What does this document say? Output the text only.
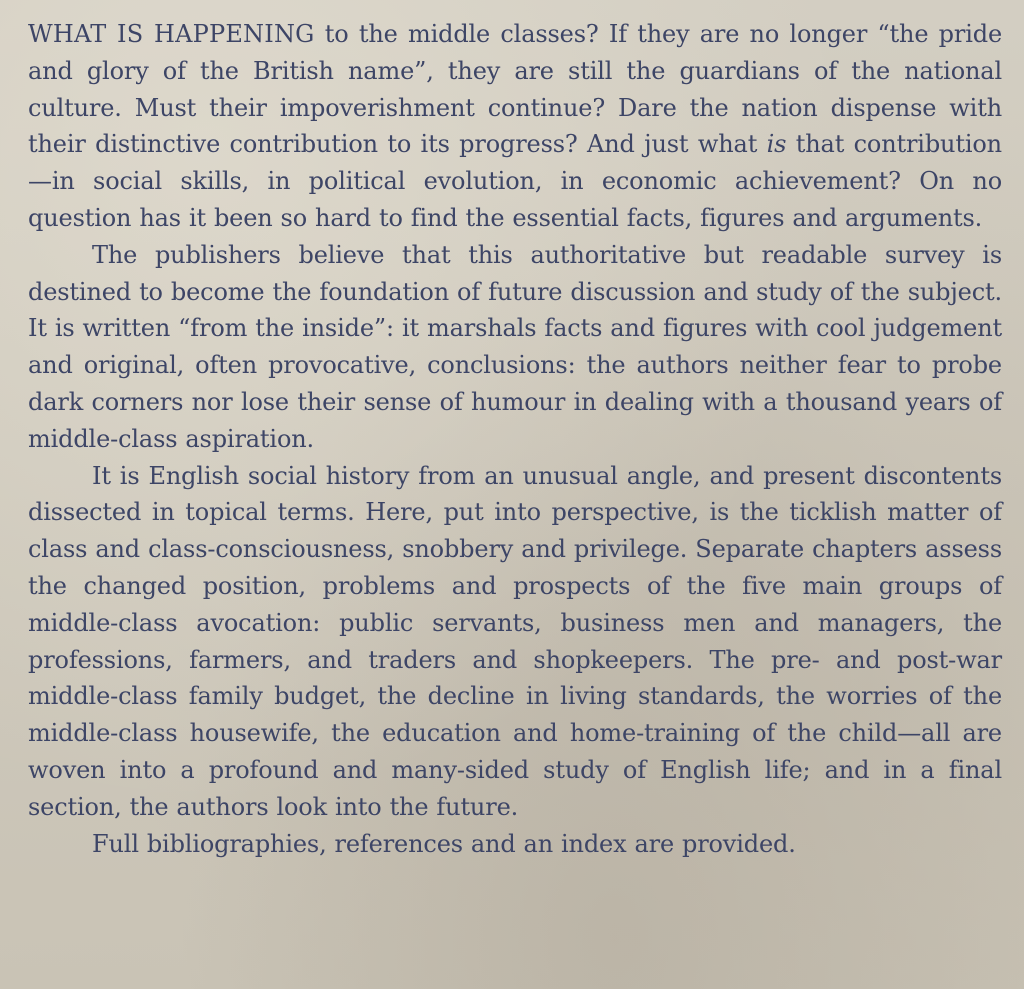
WHAT IS HAPPENING to the middle classes? If they are no longer “the pride and glory of the British name”, they are still the guardians of the national culture. Must their impoverishment continue? Dare the nation dispense with their distinctive contribution to its progress? And just what is that contribution—in social skills, in political evolution, in economic achievement? On no question has it been so hard to find the essential facts, figures and arguments.

The publishers believe that this authoritative but readable survey is destined to become the foundation of future discussion and study of the subject. It is written “from the inside”: it marshals facts and figures with cool judgement and original, often provocative, conclusions: the authors neither fear to probe dark corners nor lose their sense of humour in dealing with a thousand years of middle-class aspiration.

It is English social history from an unusual angle, and present discontents dissected in topical terms. Here, put into perspective, is the ticklish matter of class and class-consciousness, snobbery and privilege. Separate chapters assess the changed position, problems and prospects of the five main groups of middle-class avocation: public servants, business men and managers, the professions, farmers, and traders and shopkeepers. The pre- and post-war middle-class family budget, the decline in living standards, the worries of the middle-class housewife, the education and home-training of the child—all are woven into a profound and many-sided study of English life; and in a final section, the authors look into the future.

Full bibliographies, references and an index are provided.
